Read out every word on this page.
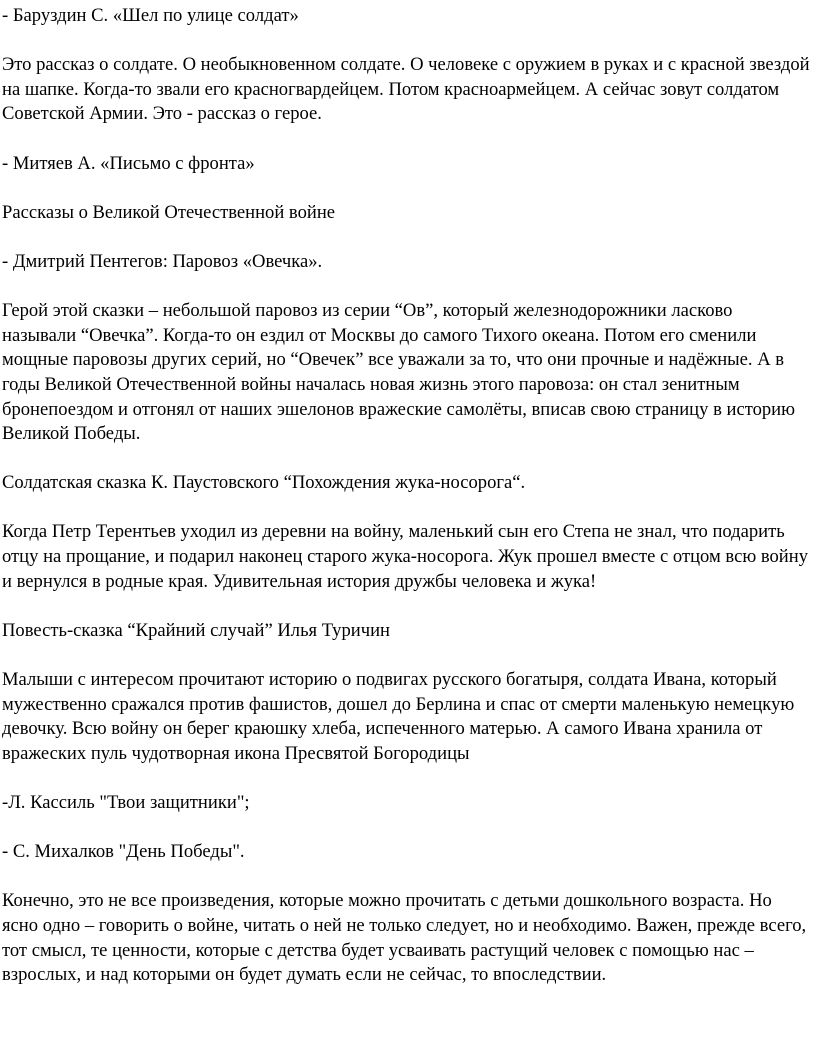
- Баруздин С. «Шел по улице солдат»

Это рассказ о солдате. О необыкновенном солдате. О человеке с оружием в руках и с красной звездой на шапке. Когда-то звали его красногвардейцем. Потом красноармейцем. А сейчас зовут солдатом Советской Армии. Это - рассказ о герое.

- Митяев А. «Письмо с фронта»

Рассказы о Великой Отечественной войне

- Дмитрий Пентегов: Паровоз «Овечка».

Герой этой сказки – небольшой паровоз из серии “Ов”, который железнодорожники ласково называли “Овечка”. Когда-то он ездил от Москвы до самого Тихого океана. Потом его сменили мощные паровозы других серий, но “Овечек” все уважали за то, что они прочные и надёжные. А в годы Великой Отечественной войны началась новая жизнь этого паровоза: он стал зенитным бронепоездом и отгонял от наших эшелонов вражеские самолёты, вписав свою страницу в историю Великой Победы.

Солдатская сказка К. Паустовского “Похождения жука-носорога“.

Когда Петр Терентьев уходил из деревни на войну, маленький сын его Степа не знал, что подарить отцу на прощание, и подарил наконец старого жука-носорога. Жук прошел вместе с отцом всю войну и вернулся в родные края. Удивительная история дружбы человека и жука!

Повесть-сказка “Крайний случай” Илья Туричин

Малыши с интересом прочитают историю о подвигах русского богатыря, солдата Ивана, который мужественно сражался против фашистов, дошел до Берлина и спас от смерти маленькую немецкую девочку. Всю войну он берег краюшку хлеба, испеченного матерью. А самого Ивана хранила от вражеских пуль чудотворная икона Пресвятой Богородицы

-Л. Кассиль "Твои защитники";

- С. Михалков "День Победы".

Конечно, это не все произведения, которые можно прочитать с детьми дошкольного возраста. Но ясно одно – говорить о войне, читать о ней не только следует, но и необходимо. Важен, прежде всего, тот смысл, те ценности, которые с детства будет усваивать растущий человек с помощью нас – взрослых, и над которыми он будет думать если не сейчас, то впоследствии.
